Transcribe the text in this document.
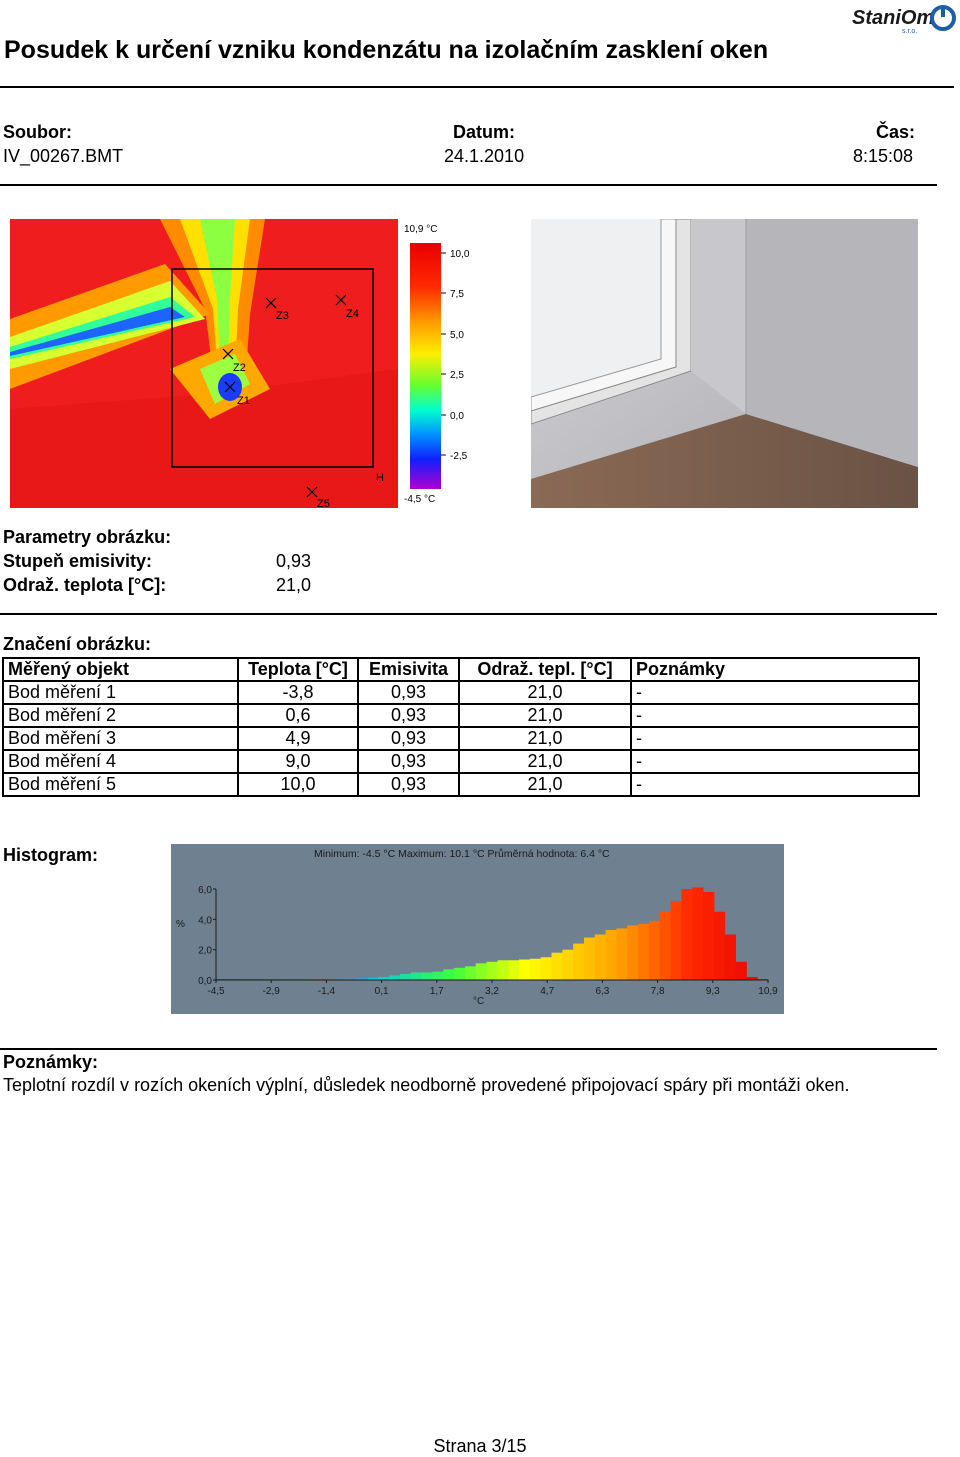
Posudek k určení vzniku kondenzátu na izolačním zasklení oken
StaniOm
s.r.o.
Soubor:
IV_00267.BMT
Datum:
24.1.2010
Čas:
8:15:08
Z1
Z2
Z3	Z4
Z5
H
10,9 °C
10,0
7,5
5,0
2,5
0,0
-2,5
-4,5 °C
Parametry obrázku:
Stupeň emisivity:	0,93
Odraž. teplota [°C]:	21,0
Značení obrázku:
Měřený objekt	Teplota [°C]	Emisivita	Odraž. tepl. [°C]	Poznámky
Bod měření 1	-3,8	0,93	21,0	-
Bod měření 2	0,6	0,93	21,0	-
Bod měření 3	4,9	0,93	21,0	-
Bod měření 4	9,0	0,93	21,0	-
Bod měření 5	10,0	0,93	21,0	-
Histogram:	Minimum: -4.5 °C Maximum: 10.1 °C Průměrná hodnota: 6.4 °C
%
°C
0,0
2,0
4,0
6,0
-4,5	-2,9	-1,4	0,1	1,7	3,2	4,7	6,3	7,8	9,3	10,9
Poznámky:
Teplotní rozdíl v rozích okeních výplní, důsledek neodborně provedené připojovací spáry při montáži oken.
Strana 3/15
